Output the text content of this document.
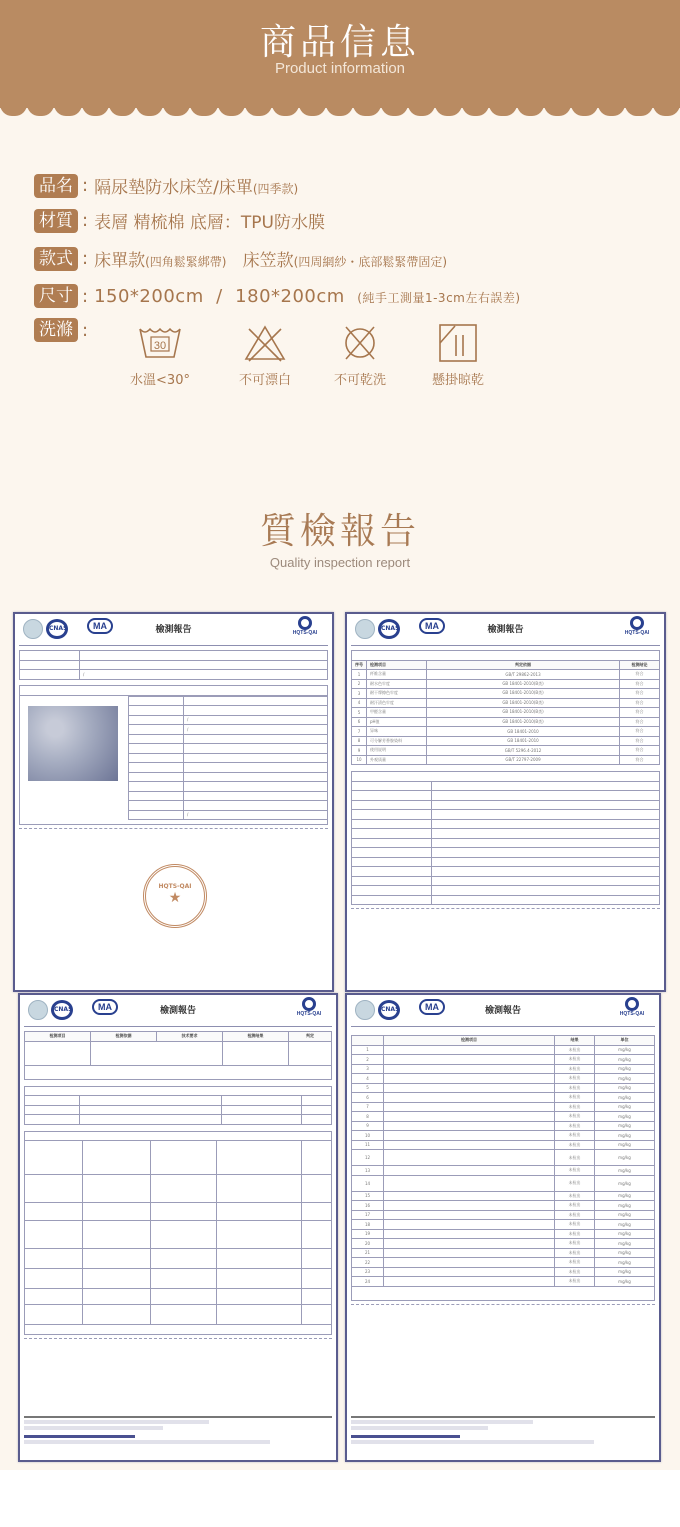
商品信息
Product information
品名 : 隔尿墊防水床笠/床單(四季款)
材質 : 表層 精梳棉 底層：TPU防水膜
款式 : 床單款(四角鬆緊綁帶) 床笠款(四周網紗・底部鬆緊帶固定)
尺寸 : 150*200cm  /  180*200cm (純手工測量1-3cm左右誤差)
洗滌 :
30
水溫<30°	不可漂白	不可乾洗	懸掛晾乾
質檢報告
Quality inspection report
CNAS	MA	檢測報告	HQTS-QAI

	/

	/
	/

	/
HQTS-QAI
★
CNAS	MA	檢測報告	HQTS-QAI

序号	检测项目	判定依据	检测结论
1	纤维含量	GB/T 29862-2013	符合
2	耐水色牢度	GB 18401-2010(B类)	符合
3	耐干摩擦色牢度	GB 18401-2010(B类)	符合
4	耐汗渍色牢度	GB 18401-2010(B类)	符合
5	甲醛含量	GB 18401-2010(B类)	符合
6	pH值	GB 18401-2010(B类)	符合
7	异味	GB 18401-2010	符合
8	可分解芳香胺染料	GB 18401-2010	符合
9	使用说明	GB/T 5296.4-2012	符合
10	外观质量	GB/T 22797-2009	符合

CNAS	MA	檢測報告	HQTS-QAI
检测项目	检测依据	技术要求	检测结果	判定

CNAS	MA	檢測報告	HQTS-QAI
	检测项目	结果	单位
1		未检出	mg/kg
2		未检出	mg/kg
3		未检出	mg/kg
4		未检出	mg/kg
5		未检出	mg/kg
6		未检出	mg/kg
7		未检出	mg/kg
8		未检出	mg/kg
9		未检出	mg/kg
10		未检出	mg/kg
11		未检出	mg/kg
12		未检出	mg/kg
13		未检出	mg/kg
14		未检出	mg/kg
15		未检出	mg/kg
16		未检出	mg/kg
17		未检出	mg/kg
18		未检出	mg/kg
19		未检出	mg/kg
20		未检出	mg/kg
21		未检出	mg/kg
22		未检出	mg/kg
23		未检出	mg/kg
24		未检出	mg/kg
